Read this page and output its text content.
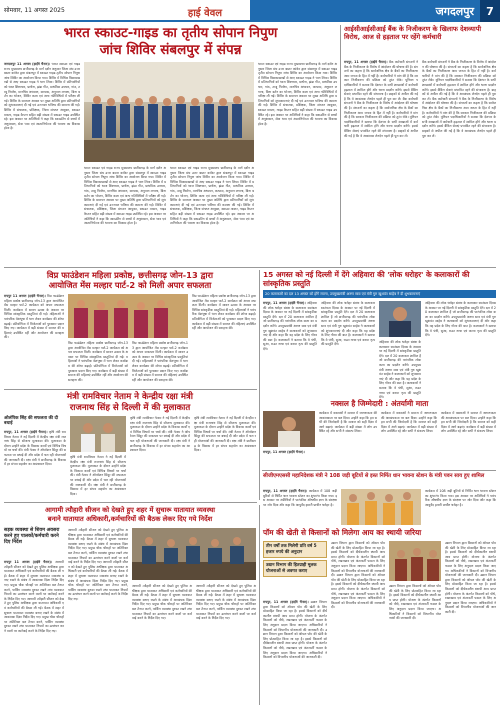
सोमवार, 11 अगस्त 2025	हाई वेवल	जगदलपुर	7
भारत स्काउट-गाइड का तृतीय सोपान निपुण
जांच शिविर संबलपुर में संपन्न
जगदलपुर 11 अगस्त (हाईवे चैनल)। भारत स्काउट एवं गाइड राज्य मुख्यालय छत्तीसगढ़ के मार्ग दर्शन अनुसार जिला संघ उत्तर बस्तर कांकेर द्वारा संबलपुर में स्काउट गाइड तृतीय सोपान निपुण जांच शिविर का आयोजन किया गया। शिविर में विभिन्न विकासखण्डों से आए स्काउट गाइड ने भाग लिया। शिविर में प्रतिभागियों को ध्वज शिष्टाचार, प्रार्थना, झंडा गीत, प्राथमिक उपचार, गांठ, तम्बू निर्माण, मानचित्र अध्ययन, कम्पास, अनुमान लगाना, बिना बर्तन का भोजन, शिविर कला एवं अन्य गतिविधियों में परीक्षा ली गई। शिविर के समापन अवसर पर मुख्य अतिथि द्वारा प्रतिभागियों को शुभकामनाएं दी गई एवं उज्ज्वल भविष्य की कामना की गई। शिविर में संचालक, प्रशिक्षक, जिला संगठन आयुक्त, स्काउट मास्टर, गाइड कैप्टन सहित बड़ी संख्या में स्काउट गाइड उपस्थित रहे। इस अवसर पर अतिथियों ने कहा कि स्काउटिंग से बच्चों में अनुशासन, सेवा भाव एवं आत्मनिर्भरता की भावना का विकास होता है।
भारत स्काउट एवं गाइड राज्य मुख्यालय छत्तीसगढ़ के मार्ग दर्शन अनुसार जिला संघ उत्तर बस्तर कांकेर द्वारा संबलपुर में स्काउट गाइड तृतीय सोपान निपुण जांच शिविर का आयोजन किया गया। शिविर में विभिन्न विकासखण्डों से आए स्काउट गाइड ने भाग लिया। शिविर में प्रतिभागियों को ध्वज शिष्टाचार, प्रार्थना, झंडा गीत, प्राथमिक उपचार, गांठ, तम्बू निर्माण, मानचित्र अध्ययन, कम्पास, अनुमान लगाना, बिना बर्तन का भोजन, शिविर कला एवं अन्य गतिविधियों में परीक्षा ली गई। शिविर के समापन अवसर पर मुख्य अतिथि द्वारा प्रतिभागियों को शुभकामनाएं दी गई एवं उज्ज्वल भविष्य की कामना की गई। शिविर में संचालक, प्रशिक्षक, जिला संगठन आयुक्त, स्काउट मास्टर, गाइड कैप्टन सहित बड़ी संख्या में स्काउट गाइड उपस्थित रहे। इस अवसर पर अतिथियों ने कहा कि स्काउटिंग से बच्चों में अनुशासन, सेवा भाव एवं आत्मनिर्भरता की भावना का विकास होता है।
भारत स्काउट एवं गाइड राज्य मुख्यालय छत्तीसगढ़ के मार्ग दर्शन अनुसार जिला संघ उत्तर बस्तर कांकेर द्वारा संबलपुर में स्काउट गाइड तृतीय सोपान निपुण जांच शिविर का आयोजन किया गया। शिविर में विभिन्न विकासखण्डों से आए स्काउट गाइड ने भाग लिया। शिविर में प्रतिभागियों को ध्वज शिष्टाचार, प्रार्थना, झंडा गीत, प्राथमिक उपचार, गांठ, तम्बू निर्माण, मानचित्र अध्ययन, कम्पास, अनुमान लगाना, बिना बर्तन का भोजन, शिविर कला एवं अन्य गतिविधियों में परीक्षा ली गई। शिविर के समापन अवसर पर मुख्य अतिथि द्वारा प्रतिभागियों को शुभकामनाएं दी गई एवं उज्ज्वल भविष्य की कामना की गई। शिविर में संचालक, प्रशिक्षक, जिला संगठन आयुक्त, स्काउट मास्टर, गाइड कैप्टन सहित बड़ी संख्या में स्काउट गाइड उपस्थित रहे। इस अवसर पर अतिथियों ने कहा कि स्काउटिंग से बच्चों में अनुशासन, सेवा भाव एवं आत्मनिर्भरता की भावना का विकास होता है।
भारत स्काउट एवं गाइड राज्य मुख्यालय छत्तीसगढ़ के मार्ग दर्शन अनुसार जिला संघ उत्तर बस्तर कांकेर द्वारा संबलपुर में स्काउट गाइड तृतीय सोपान निपुण जांच शिविर का आयोजन किया गया। शिविर में विभिन्न विकासखण्डों से आए स्काउट गाइड ने भाग लिया। शिविर में प्रतिभागियों को ध्वज शिष्टाचार, प्रार्थना, झंडा गीत, प्राथमिक उपचार, गांठ, तम्बू निर्माण, मानचित्र अध्ययन, कम्पास, अनुमान लगाना, बिना बर्तन का भोजन, शिविर कला एवं अन्य गतिविधियों में परीक्षा ली गई। शिविर के समापन अवसर पर मुख्य अतिथि द्वारा प्रतिभागियों को शुभकामनाएं दी गई एवं उज्ज्वल भविष्य की कामना की गई। शिविर में संचालक, प्रशिक्षक, जिला संगठन आयुक्त, स्काउट मास्टर, गाइड कैप्टन सहित बड़ी संख्या में स्काउट गाइड उपस्थित रहे। इस अवसर पर अतिथियों ने कहा कि स्काउटिंग से बच्चों में अनुशासन, सेवा भाव एवं आत्मनिर्भरता की भावना का विकास होता है।
आईसीआईसीआई बैंक के निजीकरण के खिलाफ देशव्यापी विरोध, आज से हड़ताल पर रहेंगे कर्मचारी
रायपुर, 11 अगस्त (हाईवे चैनल)। बैंक कर्मचारी संगठनों ने बैंक के निजीकरण के विरोध में आंदोलन की घोषणा की है। संगठनों का कहना है कि सार्वजनिक क्षेत्र के बैंकों का निजीकरण आम जनता के हित में नहीं है। कर्मचारियों ने मांग की है कि सरकार निजीकरण की प्रक्रिया को तुरंत रोके। यूनियन पदाधिकारियों ने बताया कि देशभर के सभी शाखाओं में कर्मचारी हड़ताल में शामिल होंगे और धरना प्रदर्शन करेंगे। इससे बैंकिंग सेवाएं प्रभावित रहने की संभावना है। ग्राहकों से अपील की गई है कि वे आवश्यक लेनदेन पहले ही पूरा कर लें। बैंक कर्मचारी संगठनों ने बैंक के निजीकरण के विरोध में आंदोलन की घोषणा की है। संगठनों का कहना है कि सार्वजनिक क्षेत्र के बैंकों का निजीकरण आम जनता के हित में नहीं है। कर्मचारियों ने मांग की है कि सरकार निजीकरण की प्रक्रिया को तुरंत रोके। यूनियन पदाधिकारियों ने बताया कि देशभर के सभी शाखाओं में कर्मचारी हड़ताल में शामिल होंगे और धरना प्रदर्शन करेंगे। इससे बैंकिंग सेवाएं प्रभावित रहने की संभावना है। ग्राहकों से अपील की गई है कि वे आवश्यक लेनदेन पहले ही पूरा कर लें।
बैंक कर्मचारी संगठनों ने बैंक के निजीकरण के विरोध में आंदोलन की घोषणा की है। संगठनों का कहना है कि सार्वजनिक क्षेत्र के बैंकों का निजीकरण आम जनता के हित में नहीं है। कर्मचारियों ने मांग की है कि सरकार निजीकरण की प्रक्रिया को तुरंत रोके। यूनियन पदाधिकारियों ने बताया कि देशभर के सभी शाखाओं में कर्मचारी हड़ताल में शामिल होंगे और धरना प्रदर्शन करेंगे। इससे बैंकिंग सेवाएं प्रभावित रहने की संभावना है। ग्राहकों से अपील की गई है कि वे आवश्यक लेनदेन पहले ही पूरा कर लें। बैंक कर्मचारी संगठनों ने बैंक के निजीकरण के विरोध में आंदोलन की घोषणा की है। संगठनों का कहना है कि सार्वजनिक क्षेत्र के बैंकों का निजीकरण आम जनता के हित में नहीं है। कर्मचारियों ने मांग की है कि सरकार निजीकरण की प्रक्रिया को तुरंत रोके। यूनियन पदाधिकारियों ने बताया कि देशभर के सभी शाखाओं में कर्मचारी हड़ताल में शामिल होंगे और धरना प्रदर्शन करेंगे। इससे बैंकिंग सेवाएं प्रभावित रहने की संभावना है। ग्राहकों से अपील की गई है कि वे आवश्यक लेनदेन पहले ही पूरा कर लें।
विप्र फाउंडेशन महिला प्रकोष्ठ, छत्तीसगढ़ जोन-13 द्वारा
आयोजित मेंस मल्हार पार्ट-2 को मिली अपार सफलता
रायपुर 11 अगस्त (हाईवे चैनल)। विप्र फाउंडेशन महिला प्रकोष्ठ छत्तीसगढ़ जोन-13 द्वारा आयोजित मेंस मल्हार पार्ट-2 कार्यक्रम को अपार सफलता मिली। कार्यक्रम में सावन उत्सव के अवसर पर विभिन्न सांस्कृतिक प्रस्तुतियां दी गई। महिलाओं ने पारंपरिक वेशभूषा में भाग लेकर कार्यक्रम की शोभा बढ़ाई। प्रतियोगिता में विजेताओं को पुरस्कार प्रदान किए गए। कार्यक्रम में बड़ी संख्या में समाज की महिलाएं उपस्थित रहीं और आयोजन की सराहना की।
विप्र फाउंडेशन महिला प्रकोष्ठ छत्तीसगढ़ जोन-13 द्वारा आयोजित मेंस मल्हार पार्ट-2 कार्यक्रम को अपार सफलता मिली। कार्यक्रम में सावन उत्सव के अवसर पर विभिन्न सांस्कृतिक प्रस्तुतियां दी गई। महिलाओं ने पारंपरिक वेशभूषा में भाग लेकर कार्यक्रम की शोभा बढ़ाई। प्रतियोगिता में विजेताओं को पुरस्कार प्रदान किए गए। कार्यक्रम में बड़ी संख्या में समाज की महिलाएं उपस्थित रहीं और आयोजन की सराहना की।
विप्र फाउंडेशन महिला प्रकोष्ठ छत्तीसगढ़ जोन-13 द्वारा आयोजित मेंस मल्हार पार्ट-2 कार्यक्रम को अपार सफलता मिली। कार्यक्रम में सावन उत्सव के अवसर पर विभिन्न सांस्कृतिक प्रस्तुतियां दी गई। महिलाओं ने पारंपरिक वेशभूषा में भाग लेकर कार्यक्रम की शोभा बढ़ाई। प्रतियोगिता में विजेताओं को पुरस्कार प्रदान किए गए। कार्यक्रम में बड़ी संख्या में समाज की महिलाएं उपस्थित रहीं और आयोजन की सराहना की।
विप्र फाउंडेशन महिला प्रकोष्ठ छत्तीसगढ़ जोन-13 द्वारा आयोजित मेंस मल्हार पार्ट-2 कार्यक्रम को अपार सफलता मिली। कार्यक्रम में सावन उत्सव के अवसर पर विभिन्न सांस्कृतिक प्रस्तुतियां दी गई। महिलाओं ने पारंपरिक वेशभूषा में भाग लेकर कार्यक्रम की शोभा बढ़ाई। प्रतियोगिता में विजेताओं को पुरस्कार प्रदान किए गए। कार्यक्रम में बड़ी संख्या में समाज की महिलाएं उपस्थित रहीं और आयोजन की सराहना की।
15 अगस्त को नई दिल्ली में देंगे अहिवारा की 'लोक धरोहर' के कलाकारों की सांस्कृतिक प्रस्तुति
20 कलाकारों का दल 13 अगस्त को होंगे रवाना, उपमुख्यमंत्री अरुण साव एवं मंत्री गुरु खुशवंत साहेब ने दी शुभकामनाएं
रायपुर, 11 अगस्त (हाईवे चैनल)। अहिवारा की लोक धरोहर संस्था के कलाकार स्वतंत्रता दिवस के अवसर पर नई दिल्ली में सांस्कृतिक प्रस्तुति देंगे। दल में 20 कलाकार शामिल हैं जो छत्तीसगढ़ की पारंपरिक लोक कला का प्रदर्शन करेंगे। उपमुख्यमंत्री अरुण साव एवं मंत्री गुरु खुशवंत साहेब ने कलाकारों को शुभकामनाएं दी और कहा कि यह प्रदेश के लिए गौरव की बात है। कलाकारों ने बताया कि वे पंथी, सुआ, राउत नाचा एवं करमा नृत्य की प्रस्तुति देंगे।
अहिवारा की लोक धरोहर संस्था के कलाकार स्वतंत्रता दिवस के अवसर पर नई दिल्ली में सांस्कृतिक प्रस्तुति देंगे। दल में 20 कलाकार शामिल हैं जो छत्तीसगढ़ की पारंपरिक लोक कला का प्रदर्शन करेंगे। उपमुख्यमंत्री अरुण साव एवं मंत्री गुरु खुशवंत साहेब ने कलाकारों को शुभकामनाएं दी और कहा कि यह प्रदेश के लिए गौरव की बात है। कलाकारों ने बताया कि वे पंथी, सुआ, राउत नाचा एवं करमा नृत्य की प्रस्तुति देंगे।
अहिवारा की लोक धरोहर संस्था के कलाकार स्वतंत्रता दिवस के अवसर पर नई दिल्ली में सांस्कृतिक प्रस्तुति देंगे। दल में 20 कलाकार शामिल हैं जो छत्तीसगढ़ की पारंपरिक लोक कला का प्रदर्शन करेंगे। उपमुख्यमंत्री अरुण साव एवं मंत्री गुरु खुशवंत साहेब ने कलाकारों को शुभकामनाएं दी और कहा कि यह प्रदेश के लिए गौरव की बात है। कलाकारों ने बताया कि वे पंथी, सुआ, राउत नाचा एवं करमा नृत्य की प्रस्तुति देंगे।
अहिवारा की लोक धरोहर संस्था के कलाकार स्वतंत्रता दिवस के अवसर पर नई दिल्ली में सांस्कृतिक प्रस्तुति देंगे। दल में 20 कलाकार शामिल हैं जो छत्तीसगढ़ की पारंपरिक लोक कला का प्रदर्शन करेंगे। उपमुख्यमंत्री अरुण साव एवं मंत्री गुरु खुशवंत साहेब ने कलाकारों को शुभकामनाएं दी और कहा कि यह प्रदेश के लिए गौरव की बात है। कलाकारों ने बताया कि वे पंथी, सुआ, राउत नाचा एवं करमा नृत्य की प्रस्तुति देंगे।
मंत्री रामविचार नेताम ने केन्द्रीय रक्षा मंत्री
राजनाथ सिंह से दिल्ली में की मुलाकात
ओलंपिक सिंह की सफलता की दी बधाई
रायपुर, 11 अगस्त (हाईवे चैनल)। कृषि मंत्री रामविचार नेताम ने नई दिल्ली में केन्द्रीय रक्षा मंत्री राजनाथ सिंह से सौजन्य मुलाकात की। मुलाकात के दौरान उन्होंने प्रदेश के विकास कार्यों एवं विभिन्न विषयों पर चर्चा की। मंत्री नेताम ने ऑपरेशन सिंदूर की सफलता पर बधाई दी और प्रदेश में चल रही योजनाओं की जानकारी दी। रक्षा मंत्री ने छत्तीसगढ़ के विकास में हर संभव सहयोग का आश्वासन दिया।
कृषि मंत्री रामविचार नेताम ने नई दिल्ली में केन्द्रीय रक्षा मंत्री राजनाथ सिंह से सौजन्य मुलाकात की। मुलाकात के दौरान उन्होंने प्रदेश के विकास कार्यों एवं विभिन्न विषयों पर चर्चा की। मंत्री नेताम ने ऑपरेशन सिंदूर की सफलता पर बधाई दी और प्रदेश में चल रही योजनाओं की जानकारी दी। रक्षा मंत्री ने छत्तीसगढ़ के विकास में हर संभव सहयोग का आश्वासन दिया।
कृषि मंत्री रामविचार नेताम ने नई दिल्ली में केन्द्रीय रक्षा मंत्री राजनाथ सिंह से सौजन्य मुलाकात की। मुलाकात के दौरान उन्होंने प्रदेश के विकास कार्यों एवं विभिन्न विषयों पर चर्चा की। मंत्री नेताम ने ऑपरेशन सिंदूर की सफलता पर बधाई दी और प्रदेश में चल रही योजनाओं की जानकारी दी। रक्षा मंत्री ने छत्तीसगढ़ के विकास में हर संभव सहयोग का आश्वासन दिया।
कृषि मंत्री रामविचार नेताम ने नई दिल्ली में केन्द्रीय रक्षा मंत्री राजनाथ सिंह से सौजन्य मुलाकात की। मुलाकात के दौरान उन्होंने प्रदेश के विकास कार्यों एवं विभिन्न विषयों पर चर्चा की। मंत्री नेताम ने ऑपरेशन सिंदूर की सफलता पर बधाई दी और प्रदेश में चल रही योजनाओं की जानकारी दी। रक्षा मंत्री ने छत्तीसगढ़ के विकास में हर संभव सहयोग का आश्वासन दिया।
नक्सल है जिम्मेदारी : अंतर्यामी माता
रायपुर, 11 अगस्त (हाईवे चैनल)।
कार्यक्रम में वक्ताओं ने समाज में जागरूकता की आवश्यकता पर बल दिया। उन्होंने कहा कि हम सभी की जिम्मेदारी है कि समाज को सही दिशा में आगे बढ़ाएं। कार्यक्रम में बड़ी संख्या में लोग उपस्थित रहे और सभी ने संकल्प लिया।
कार्यक्रम में वक्ताओं ने समाज में जागरूकता की आवश्यकता पर बल दिया। उन्होंने कहा कि हम सभी की जिम्मेदारी है कि समाज को सही दिशा में आगे बढ़ाएं। कार्यक्रम में बड़ी संख्या में लोग उपस्थित रहे और सभी ने संकल्प लिया।
कार्यक्रम में वक्ताओं ने समाज में जागरूकता की आवश्यकता पर बल दिया। उन्होंने कहा कि हम सभी की जिम्मेदारी है कि समाज को सही दिशा में आगे बढ़ाएं। कार्यक्रम में बड़ी संख्या में लोग उपस्थित रहे और सभी ने संकल्प लिया।
सीजीएमएससी महानिदेशक मंत्री ने 108 जड़ी बूटियों से इस्त निर्मित धान भावना स्टेशन के मंत्री पवन साय हुए शामिल
रायपुर, 11 अगस्त (हाईवे चैनल)। कार्यक्रम में 108 जड़ी बूटियों से निर्मित धान भावना स्टेशन का शुभारंभ किया गया। इस अवसर पर अतिथियों ने पारंपरिक औषधीय ज्ञान के संरक्षण पर जोर दिया और कहा कि आयुर्वेद हमारी प्राचीन धरोहर है।
कार्यक्रम में 108 जड़ी बूटियों से निर्मित धान भावना स्टेशन का शुभारंभ किया गया। इस अवसर पर अतिथियों ने पारंपरिक औषधीय ज्ञान के संरक्षण पर जोर दिया और कहा कि आयुर्वेद हमारी प्राचीन धरोहर है।
आगामी त्यौहारी सीजन को देखते हुए शहर में सुचारू यातायात व्यवस्था
बनाने यातायात अधिकारी,कर्मचारियों की बैठक लेकर दिए गये निर्देश
सड़क व्यवस्था से शिवम अवसरा करने हुए पालकों/कर्मचारी करने दिए निर्देश
रायपुर 11 अगस्त (हाईवे चैनल)। आगामी त्यौहारी सीजन को देखते हुए पुलिस अधीक्षक द्वारा यातायात अधिकारी एवं कर्मचारियों की बैठक ली गई। बैठक में शहर में सुचारू यातायात व्यवस्था बनाए रखने के संबंध में आवश्यक दिशा निर्देश दिए गए। प्रमुख चौक चौराहों पर अतिरिक्त बल तैनात करने, पार्किंग व्यवस्था दुरुस्त रखने तथा यातायात नियमों का उल्लंघन करने वालों पर कार्रवाई करने के निर्देश दिए गए। आगामी त्यौहारी सीजन को देखते हुए पुलिस अधीक्षक द्वारा यातायात अधिकारी एवं कर्मचारियों की बैठक ली गई। बैठक में शहर में सुचारू यातायात व्यवस्था बनाए रखने के संबंध में आवश्यक दिशा निर्देश दिए गए। प्रमुख चौक चौराहों पर अतिरिक्त बल तैनात करने, पार्किंग व्यवस्था दुरुस्त रखने तथा यातायात नियमों का उल्लंघन करने वालों पर कार्रवाई करने के निर्देश दिए गए।
आगामी त्यौहारी सीजन को देखते हुए पुलिस अधीक्षक द्वारा यातायात अधिकारी एवं कर्मचारियों की बैठक ली गई। बैठक में शहर में सुचारू यातायात व्यवस्था बनाए रखने के संबंध में आवश्यक दिशा निर्देश दिए गए। प्रमुख चौक चौराहों पर अतिरिक्त बल तैनात करने, पार्किंग व्यवस्था दुरुस्त रखने तथा यातायात नियमों का उल्लंघन करने वालों पर कार्रवाई करने के निर्देश दिए गए। आगामी त्यौहारी सीजन को देखते हुए पुलिस अधीक्षक द्वारा यातायात अधिकारी एवं कर्मचारियों की बैठक ली गई। बैठक में शहर में सुचारू यातायात व्यवस्था बनाए रखने के संबंध में आवश्यक दिशा निर्देश दिए गए। प्रमुख चौक चौराहों पर अतिरिक्त बल तैनात करने, पार्किंग व्यवस्था दुरुस्त रखने तथा यातायात नियमों का उल्लंघन करने वालों पर कार्रवाई करने के निर्देश दिए गए।
आगामी त्यौहारी सीजन को देखते हुए पुलिस अधीक्षक द्वारा यातायात अधिकारी एवं कर्मचारियों की बैठक ली गई। बैठक में शहर में सुचारू यातायात व्यवस्था बनाए रखने के संबंध में आवश्यक दिशा निर्देश दिए गए। प्रमुख चौक चौराहों पर अतिरिक्त बल तैनात करने, पार्किंग व्यवस्था दुरुस्त रखने तथा यातायात नियमों का उल्लंघन करने वालों पर कार्रवाई करने के निर्देश दिए गए।
आगामी त्यौहारी सीजन को देखते हुए पुलिस अधीक्षक द्वारा यातायात अधिकारी एवं कर्मचारियों की बैठक ली गई। बैठक में शहर में सुचारू यातायात व्यवस्था बनाए रखने के संबंध में आवश्यक दिशा निर्देश दिए गए। प्रमुख चौक चौराहों पर अतिरिक्त बल तैनात करने, पार्किंग व्यवस्था दुरुस्त रखने तथा यातायात नियमों का उल्लंघन करने वालों पर कार्रवाई करने के निर्देश दिए गए।
पॉम की खेती से किसानों को मिलेगा आय का स्थायी जरिया
तीन वर्षों तक मिलेगी प्रति वर्ष 5 हजार रुपये की अनुदान
उद्यान विभाग की हितग्राही मूलक योजनाओं से अवगत कराए
रायपुर, 11 अगस्त (हाईवे चैनल)। उद्यान विभाग द्वारा किसानों को ऑयल पॉम की खेती के लिए प्रोत्साहित किया जा रहा है। इससे किसानों को दीर्घकालीन स्थायी आय प्राप्त होगी। योजना के अंतर्गत किसानों को पौधे, रखरखाव एवं अंतरवर्ती फसल के लिए अनुदान प्रदान किया जाएगा। अधिकारियों ने किसानों को विभागीय योजनाओं की जानकारी दी। उद्यान विभाग द्वारा किसानों को ऑयल पॉम की खेती के लिए प्रोत्साहित किया जा रहा है। इससे किसानों को दीर्घकालीन स्थायी आय प्राप्त होगी। योजना के अंतर्गत किसानों को पौधे, रखरखाव एवं अंतरवर्ती फसल के लिए अनुदान प्रदान किया जाएगा। अधिकारियों ने किसानों को विभागीय योजनाओं की जानकारी दी।
उद्यान विभाग द्वारा किसानों को ऑयल पॉम की खेती के लिए प्रोत्साहित किया जा रहा है। इससे किसानों को दीर्घकालीन स्थायी आय प्राप्त होगी। योजना के अंतर्गत किसानों को पौधे, रखरखाव एवं अंतरवर्ती फसल के लिए अनुदान प्रदान किया जाएगा। अधिकारियों ने किसानों को विभागीय योजनाओं की जानकारी दी। उद्यान विभाग द्वारा किसानों को ऑयल पॉम की खेती के लिए प्रोत्साहित किया जा रहा है। इससे किसानों को दीर्घकालीन स्थायी आय प्राप्त होगी। योजना के अंतर्गत किसानों को पौधे, रखरखाव एवं अंतरवर्ती फसल के लिए अनुदान प्रदान किया जाएगा। अधिकारियों ने किसानों को विभागीय योजनाओं की जानकारी दी।
उद्यान विभाग द्वारा किसानों को ऑयल पॉम की खेती के लिए प्रोत्साहित किया जा रहा है। इससे किसानों को दीर्घकालीन स्थायी आय प्राप्त होगी। योजना के अंतर्गत किसानों को पौधे, रखरखाव एवं अंतरवर्ती फसल के लिए अनुदान प्रदान किया जाएगा। अधिकारियों ने किसानों को विभागीय योजनाओं की जानकारी दी।
उद्यान विभाग द्वारा किसानों को ऑयल पॉम की खेती के लिए प्रोत्साहित किया जा रहा है। इससे किसानों को दीर्घकालीन स्थायी आय प्राप्त होगी। योजना के अंतर्गत किसानों को पौधे, रखरखाव एवं अंतरवर्ती फसल के लिए अनुदान प्रदान किया जाएगा। अधिकारियों ने किसानों को विभागीय योजनाओं की जानकारी दी। उद्यान विभाग द्वारा किसानों को ऑयल पॉम की खेती के लिए प्रोत्साहित किया जा रहा है। इससे किसानों को दीर्घकालीन स्थायी आय प्राप्त होगी। योजना के अंतर्गत किसानों को पौधे, रखरखाव एवं अंतरवर्ती फसल के लिए अनुदान प्रदान किया जाएगा। अधिकारियों ने किसानों को विभागीय योजनाओं की जानकारी दी।
